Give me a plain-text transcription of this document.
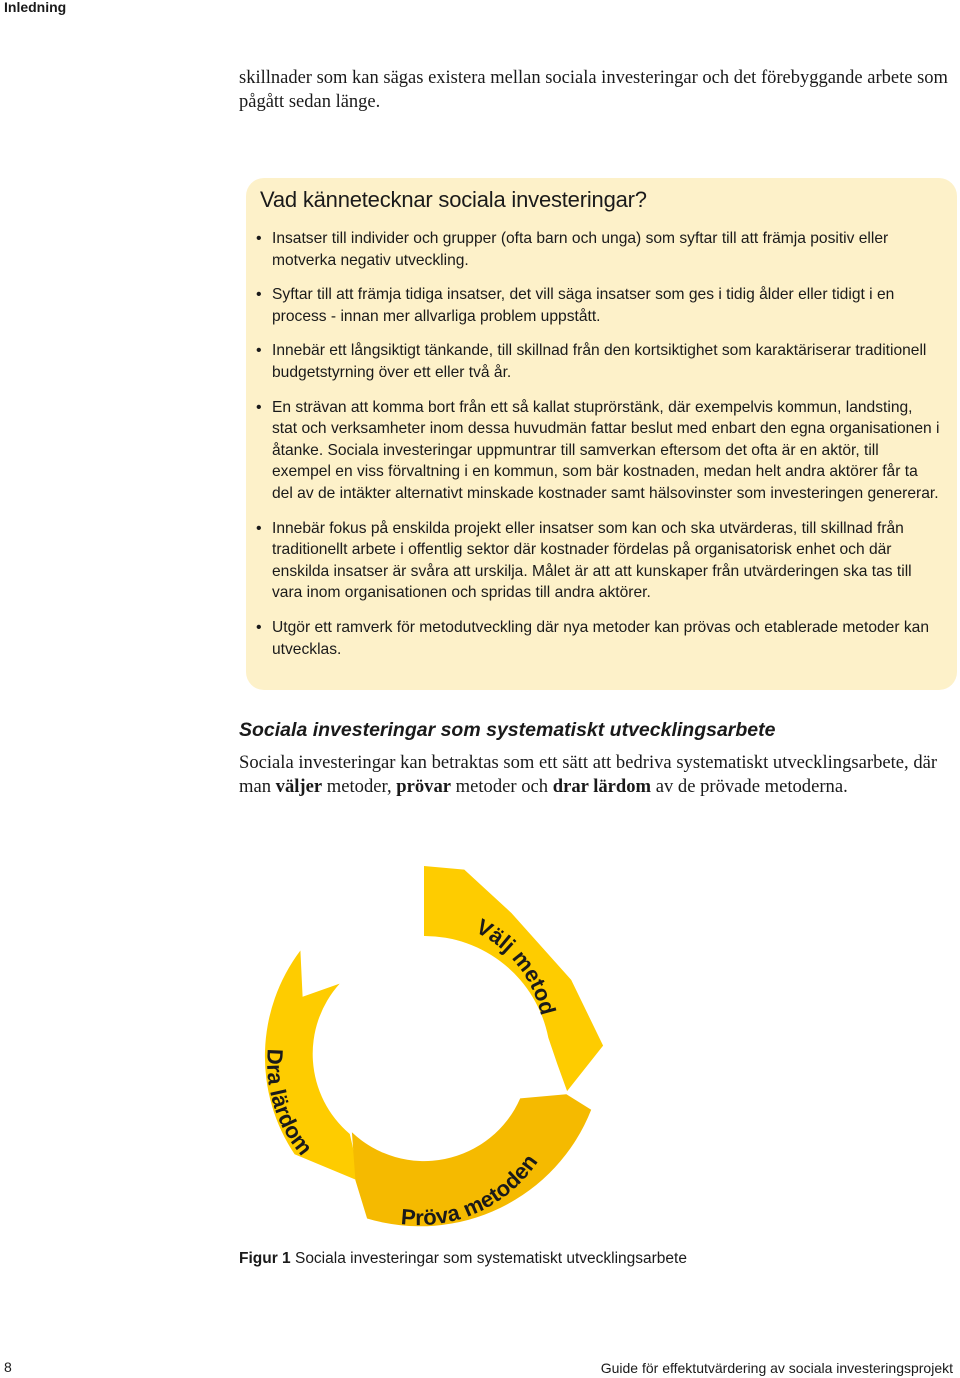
Inledning

skillnader som kan sägas existera mellan sociala investeringar och det förebyggande arbete som pågått sedan länge.

Vad kännetecknar sociala investeringar?
• Insatser till individer och grupper (ofta barn och unga) som syftar till att främja positiv eller motverka negativ utveckling.
• Syftar till att främja tidiga insatser, det vill säga insatser som ges i tidig ålder eller tidigt i en process - innan mer allvarliga problem uppstått.
• Innebär ett långsiktigt tänkande, till skillnad från den kortsiktighet som karaktäriserar traditionell budgetstyrning över ett eller två år.
• En strävan att komma bort från ett så kallat stuprörstänk, där exempelvis kommun, landsting, stat och verksamheter inom dessa huvudmän fattar beslut med enbart den egna organisationen i åtanke. Sociala investeringar uppmuntrar till samverkan eftersom det ofta är en aktör, till exempel en viss förvaltning i en kommun, som bär kostnaden, medan helt andra aktörer får ta del av de intäkter alternativt minskade kostnader samt hälsovinster som investeringen genererar.
• Innebär fokus på enskilda projekt eller insatser som kan och ska utvärderas, till skillnad från traditionellt arbete i offentlig sektor där kostnader fördelas på organisatorisk enhet och där enskilda insatser är svåra att urskilja. Målet är att att kunskaper från utvärderingen ska tas till vara inom organisationen och spridas till andra aktörer.
• Utgör ett ramverk för metodutveckling där nya metoder kan prövas och etablerade metoder kan utvecklas.
Sociala investeringar som systematiskt utvecklingsarbete

Sociala investeringar kan betraktas som ett sätt att bedriva systematiskt utvecklingsarbete, där man väljer metoder, prövar metoder och drar lärdom av de prövade metoderna.

Välj metod
Pröva metoden
Dra lärdom

Figur 1 Sociala investeringar som systematiskt utvecklingsarbete

8	Guide för effektutvärdering av sociala investeringsprojekt
